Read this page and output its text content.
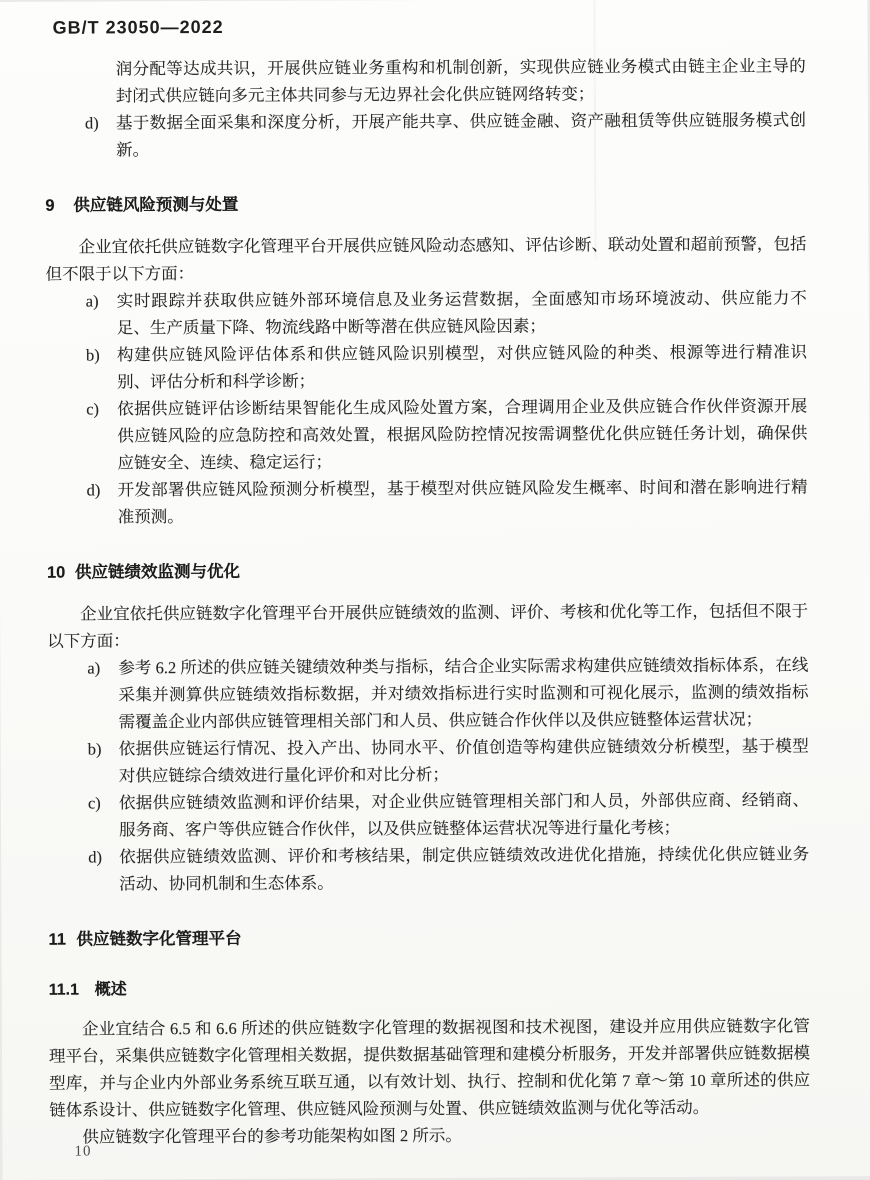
GB/T 23050—2022

润分配等达成共识，开展供应链业务重构和机制创新，实现供应链业务模式由链主企业主导的封闭式供应链向多元主体共同参与无边界社会化供应链网络转变；

d) 基于数据全面采集和深度分析，开展产能共享、供应链金融、资产融租赁等供应链服务模式创新。
9 供应链风险预测与处置

企业宜依托供应链数字化管理平台开展供应链风险动态感知、评估诊断、联动处置和超前预警，包括但不限于以下方面：

a) 实时跟踪并获取供应链外部环境信息及业务运营数据，全面感知市场环境波动、供应能力不足、生产质量下降、物流线路中断等潜在供应链风险因素；
b) 构建供应链风险评估体系和供应链风险识别模型，对供应链风险的种类、根源等进行精准识别、评估分析和科学诊断；
c) 依据供应链评估诊断结果智能化生成风险处置方案，合理调用企业及供应链合作伙伴资源开展供应链风险的应急防控和高效处置，根据风险防控情况按需调整优化供应链任务计划，确保供应链安全、连续、稳定运行；
d) 开发部署供应链风险预测分析模型，基于模型对供应链风险发生概率、时间和潜在影响进行精准预测。
10 供应链绩效监测与优化

企业宜依托供应链数字化管理平台开展供应链绩效的监测、评价、考核和优化等工作，包括但不限于以下方面：

a) 参考 6.2 所述的供应链关键绩效种类与指标，结合企业实际需求构建供应链绩效指标体系，在线采集并测算供应链绩效指标数据，并对绩效指标进行实时监测和可视化展示，监测的绩效指标需覆盖企业内部供应链管理相关部门和人员、供应链合作伙伴以及供应链整体运营状况；
b) 依据供应链运行情况、投入产出、协同水平、价值创造等构建供应链绩效分析模型，基于模型对供应链综合绩效进行量化评价和对比分析；
c) 依据供应链绩效监测和评价结果，对企业供应链管理相关部门和人员，外部供应商、经销商、服务商、客户等供应链合作伙伴，以及供应链整体运营状况等进行量化考核；
d) 依据供应链绩效监测、评价和考核结果，制定供应链绩效改进优化措施，持续优化供应链业务活动、协同机制和生态体系。
11 供应链数字化管理平台
11.1 概述

企业宜结合 6.5 和 6.6 所述的供应链数字化管理的数据视图和技术视图，建设并应用供应链数字化管理平台，采集供应链数字化管理相关数据，提供数据基础管理和建模分析服务，开发并部署供应链数据模型库，并与企业内外部业务系统互联互通，以有效计划、执行、控制和优化第 7 章～第 10 章所述的供应链体系设计、供应链数字化管理、供应链风险预测与处置、供应链绩效监测与优化等活动。

供应链数字化管理平台的参考功能架构如图 2 所示。

10
